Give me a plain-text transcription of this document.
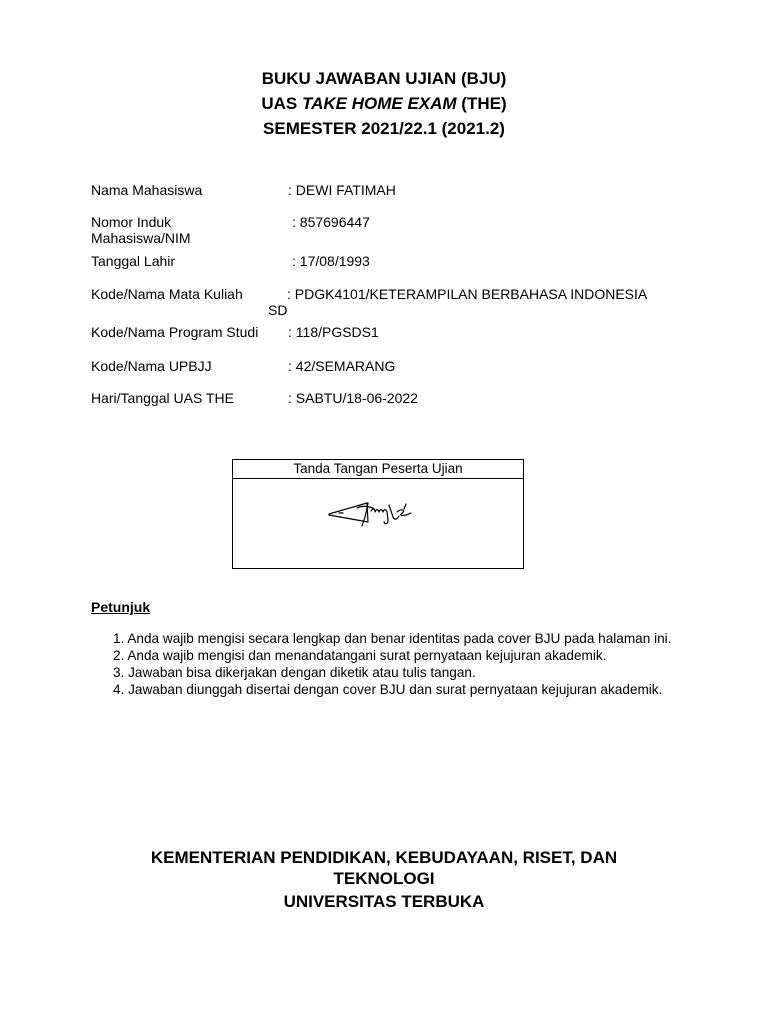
BUKU JAWABAN UJIAN (BJU)
UAS TAKE HOME EXAM (THE)
SEMESTER 2021/22.1 (2021.2)
Nama Mahasiswa	: DEWI FATIMAH
Nomor Induk
Mahasiswa/NIM
: 857696447
Tanggal Lahir	: 17/08/1993
Kode/Nama Mata Kuliah	: PDGK4101/KETERAMPILAN BERBAHASA INDONESIA
SD
Kode/Nama Program Studi : 118/PGSDS1
Kode/Nama UPBJJ	: 42/SEMARANG
Hari/Tanggal UAS THE	: SABTU/18-06-2022
Tanda Tangan Peserta Ujian
Petunjuk
1. Anda wajib mengisi secara lengkap dan benar identitas pada cover BJU pada halaman ini.
2. Anda wajib mengisi dan menandatangani surat pernyataan kejujuran akademik.
3. Jawaban bisa dikerjakan dengan diketik atau tulis tangan.
4. Jawaban diunggah disertai dengan cover BJU dan surat pernyataan kejujuran akademik.
KEMENTERIAN PENDIDIKAN, KEBUDAYAAN, RISET, DAN
TEKNOLOGI
UNIVERSITAS TERBUKA
